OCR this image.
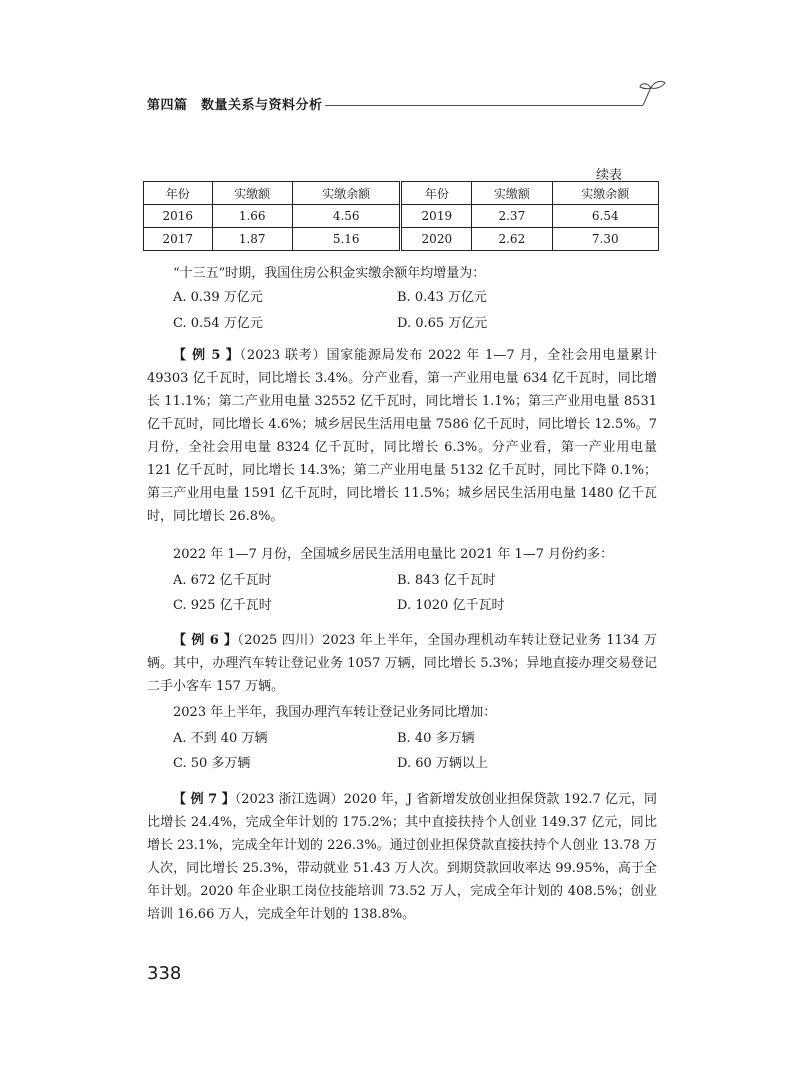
第四篇　数量关系与资料分析
续表
年份	实缴额	实缴余额	年份	实缴额	实缴余额
2016	1.66	4.56	2019	2.37	6.54
2017	1.87	5.16	2020	2.62	7.30
“十三五”时期，我国住房公积金实缴余额年均增量为：
A. 0.39 万亿元	B. 0.43 万亿元
C. 0.54 万亿元	D. 0.65 万亿元
【 例 5 】（2023 联考）国家能源局发布 2022 年 1—7 月，全社会用电量累计 49303 亿千瓦时，同比增长 3.4%。分产业看，第一产业用电量 634 亿千瓦时，同比增长 11.1%；第二产业用电量 32552 亿千瓦时，同比增长 1.1%；第三产业用电量 8531 亿千瓦时，同比增长 4.6%；城乡居民生活用电量 7586 亿千瓦时，同比增长 12.5%。7 月份，全社会用电量 8324 亿千瓦时，同比增长 6.3%。分产业看，第一产业用电量 121 亿千瓦时，同比增长 14.3%；第二产业用电量 5132 亿千瓦时，同比下降 0.1%；第三产业用电量 1591 亿千瓦时，同比增长 11.5%；城乡居民生活用电量 1480 亿千瓦时，同比增长 26.8%。
2022 年 1—7 月份，全国城乡居民生活用电量比 2021 年 1—7 月份约多：
A. 672 亿千瓦时	B. 843 亿千瓦时
C. 925 亿千瓦时	D. 1020 亿千瓦时
【 例 6 】（2025 四川）2023 年上半年，全国办理机动车转让登记业务 1134 万辆。其中，办理汽车转让登记业务 1057 万辆，同比增长 5.3%；异地直接办理交易登记二手小客车 157 万辆。
2023 年上半年，我国办理汽车转让登记业务同比增加：
A. 不到 40 万辆	B. 40 多万辆
C. 50 多万辆	D. 60 万辆以上
【 例 7 】（2023 浙江选调）2020 年，J 省新增发放创业担保贷款 192.7 亿元，同比增长 24.4%，完成全年计划的 175.2%；其中直接扶持个人创业 149.37 亿元，同比增长 23.1%，完成全年计划的 226.3%。通过创业担保贷款直接扶持个人创业 13.78 万人次，同比增长 25.3%，带动就业 51.43 万人次。到期贷款回收率达 99.95%，高于全年计划。2020 年企业职工岗位技能培训 73.52 万人，完成全年计划的 408.5%；创业培训 16.66 万人，完成全年计划的 138.8%。
338
